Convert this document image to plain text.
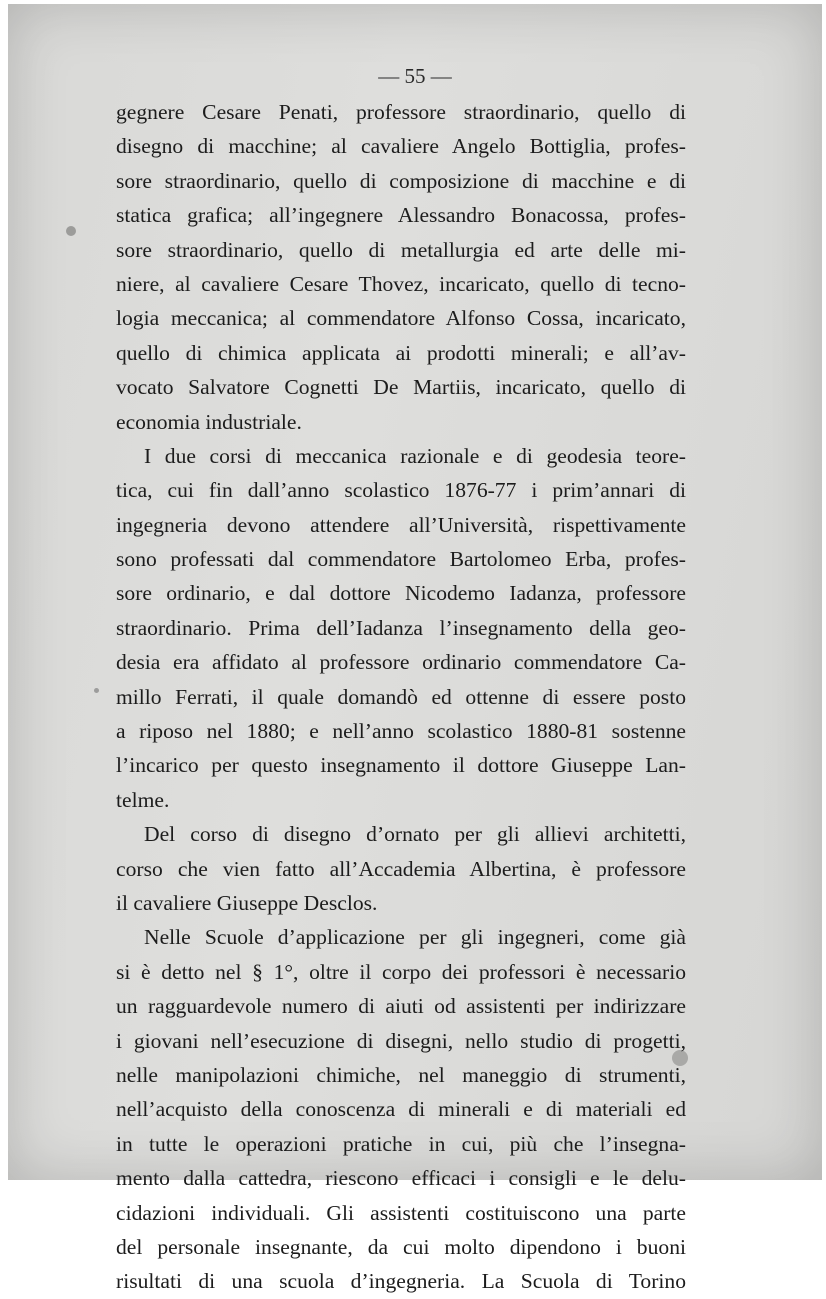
— 55 —
gegnere Cesare Penati, professore straordinario, quello di
disegno di macchine; al cavaliere Angelo Bottiglia, profes-
sore straordinario, quello di composizione di macchine e di
statica grafica; all’ingegnere Alessandro Bonacossa, profes-
sore straordinario, quello di metallurgia ed arte delle mi-
niere, al cavaliere Cesare Thovez, incaricato, quello di tecno-
logia meccanica; al commendatore Alfonso Cossa, incaricato,
quello di chimica applicata ai prodotti minerali; e all’av-
vocato Salvatore Cognetti De Martiis, incaricato, quello di
economia industriale.
I due corsi di meccanica razionale e di geodesia teore-
tica, cui fin dall’anno scolastico 1876-77 i prim’annari di
ingegneria devono attendere all’Università, rispettivamente
sono professati dal commendatore Bartolomeo Erba, profes-
sore ordinario, e dal dottore Nicodemo Iadanza, professore
straordinario. Prima dell’Iadanza l’insegnamento della geo-
desia era affidato al professore ordinario commendatore Ca-
millo Ferrati, il quale domandò ed ottenne di essere posto
a riposo nel 1880; e nell’anno scolastico 1880-81 sostenne
l’incarico per questo insegnamento il dottore Giuseppe Lan-
telme.
Del corso di disegno d’ornato per gli allievi architetti,
corso che vien fatto all’Accademia Albertina, è professore
il cavaliere Giuseppe Desclos.
Nelle Scuole d’applicazione per gli ingegneri, come già
si è detto nel § 1°, oltre il corpo dei professori è necessario
un ragguardevole numero di aiuti od assistenti per indirizzare
i giovani nell’esecuzione di disegni, nello studio di progetti,
nelle manipolazioni chimiche, nel maneggio di strumenti,
nell’acquisto della conoscenza di minerali e di materiali ed
in tutte le operazioni pratiche in cui, più che l’insegna-
mento dalla cattedra, riescono efficaci i consigli e le delu-
cidazioni individuali. Gli assistenti costituiscono una parte
del personale insegnante, da cui molto dipendono i buoni
risultati di una scuola d’ingegneria. La Scuola di Torino
